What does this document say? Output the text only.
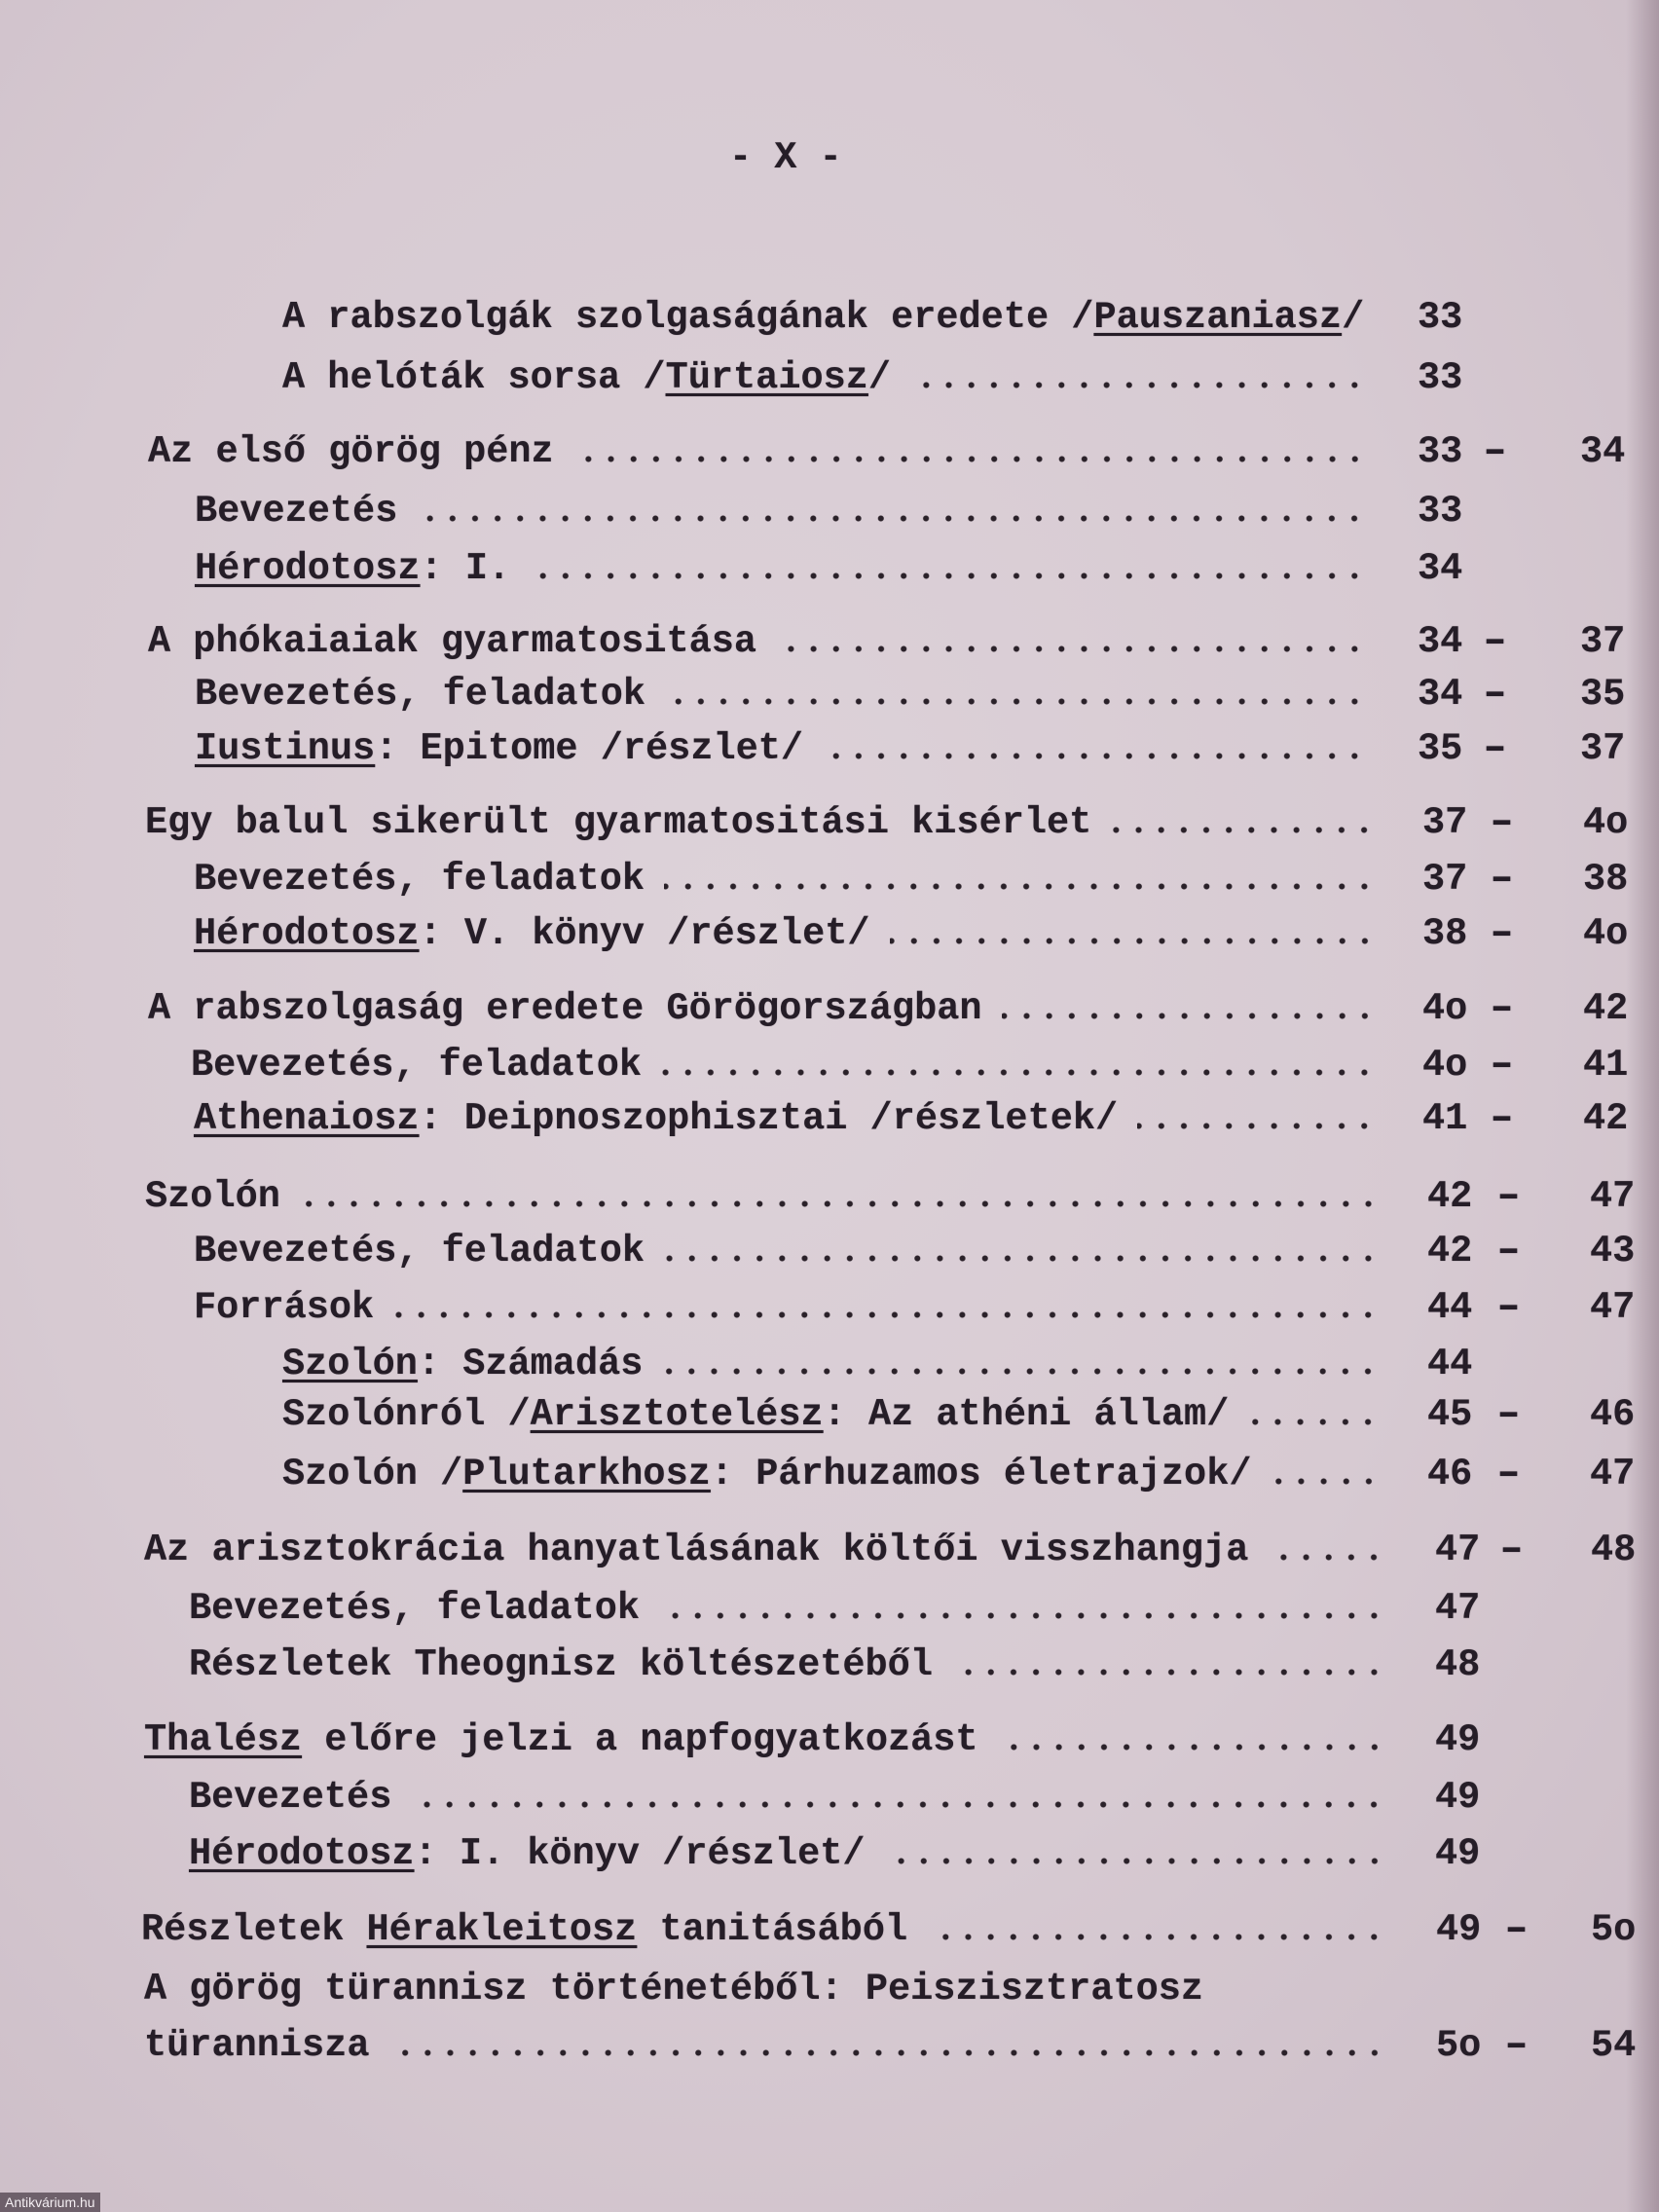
- X -
A rabszolgák szolgaságának eredete / Pauszaniasz / 33
A helóták sorsa / Türtaiosz /	33
Az első görög pénz	33 - 34
Bevezetés	33
Hérodotosz : I.	34
A phókaiaiak gyarmatositása	34 - 37
Bevezetés, feladatok	34 - 35
Iustinus : Epitome /részlet/	35 - 37
Egy balul sikerült gyarmatositási kisérlet	37 - 4o
Bevezetés, feladatok	37 - 38
Hérodotosz : V. könyv /részlet/	38 - 4o
A rabszolgaság eredete Görögországban	4o - 42
Bevezetés, feladatok	4o - 41
Athenaiosz : Deipnoszophisztai /részletek/	41 - 42
Szolón	42 - 47
Bevezetés, feladatok	42 - 43
Források	44 - 47
Szolón : Számadás	44
Szolónról / Arisztotelész : Az athéni állam/	45 - 46
Szolón / Plutarkhosz : Párhuzamos életrajzok/	46 - 47
Az arisztokrácia hanyatlásának költői visszhangja	47 - 48
Bevezetés, feladatok	47
Részletek Theognisz költészetéből	48
Thalész előre jelzi a napfogyatkozást	49
Bevezetés	49
Hérodotosz : I. könyv /részlet/	49
Részletek Hérakleitosz tanitásából	49 - 5o
A görög türannisz történetéből: Peiszisztratosz
türannisza	5o - 54
Antikvárium.hu
